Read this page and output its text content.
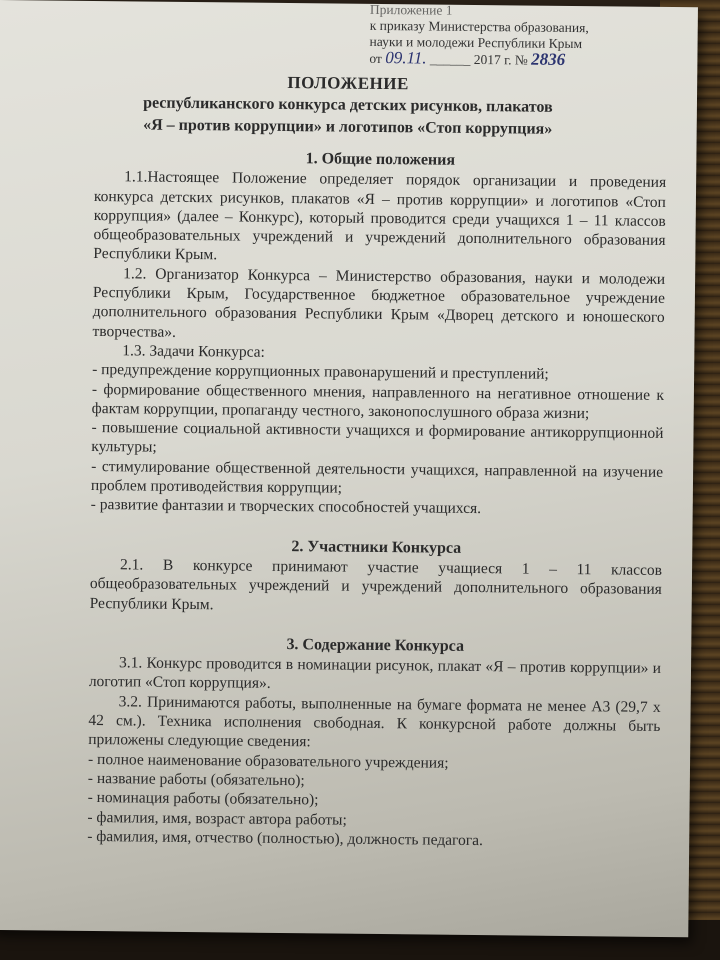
Приложение 1
к приказу Министерства образования,
науки и молодежи Республики Крым
от 09.11. ______ 2017 г. № 2836
ПОЛОЖЕНИЕ
республиканского конкурса детских рисунков, плакатов
«Я – против коррупции» и логотипов «Стоп коррупция»
1. Общие положения

1.1.Настоящее Положение определяет порядок организации и проведения конкурса детских рисунков, плакатов «Я – против коррупции» и логотипов «Стоп коррупция» (далее – Конкурс), который проводится среди учащихся 1 – 11 классов общеобразовательных учреждений и учреждений дополнительного образования Республики Крым.

1.2. Организатор Конкурса – Министерство образования, науки и молодежи Республики Крым, Государственное бюджетное образовательное учреждение дополнительного образования Республики Крым «Дворец детского и юношеского творчества».

1.3. Задачи Конкурса:

- предупреждение коррупционных правонарушений и преступлений;

- формирование общественного мнения, направленного на негативное отношение к фактам коррупции, пропаганду честного, законопослушного образа жизни;

- повышение социальной активности учащихся и формирование антикоррупционной культуры;

- стимулирование общественной деятельности учащихся, направленной на изучение проблем противодействия коррупции;

- развитие фантазии и творческих способностей учащихся.

2. Участники Конкурса

2.1. В конкурсе принимают участие учащиеся 1 – 11 классов общеобразовательных учреждений и учреждений дополнительного образования Республики Крым.

3. Содержание Конкурса

3.1. Конкурс проводится в номинации рисунок, плакат «Я – против коррупции» и логотип «Стоп коррупция».

3.2. Принимаются работы, выполненные на бумаге формата не менее А3 (29,7 х 42 см.). Техника исполнения свободная. К конкурсной работе должны быть приложены следующие сведения:

- полное наименование образовательного учреждения;

- название работы (обязательно);

- номинация работы (обязательно);

- фамилия, имя, возраст автора работы;

- фамилия, имя, отчество (полностью), должность педагога.
